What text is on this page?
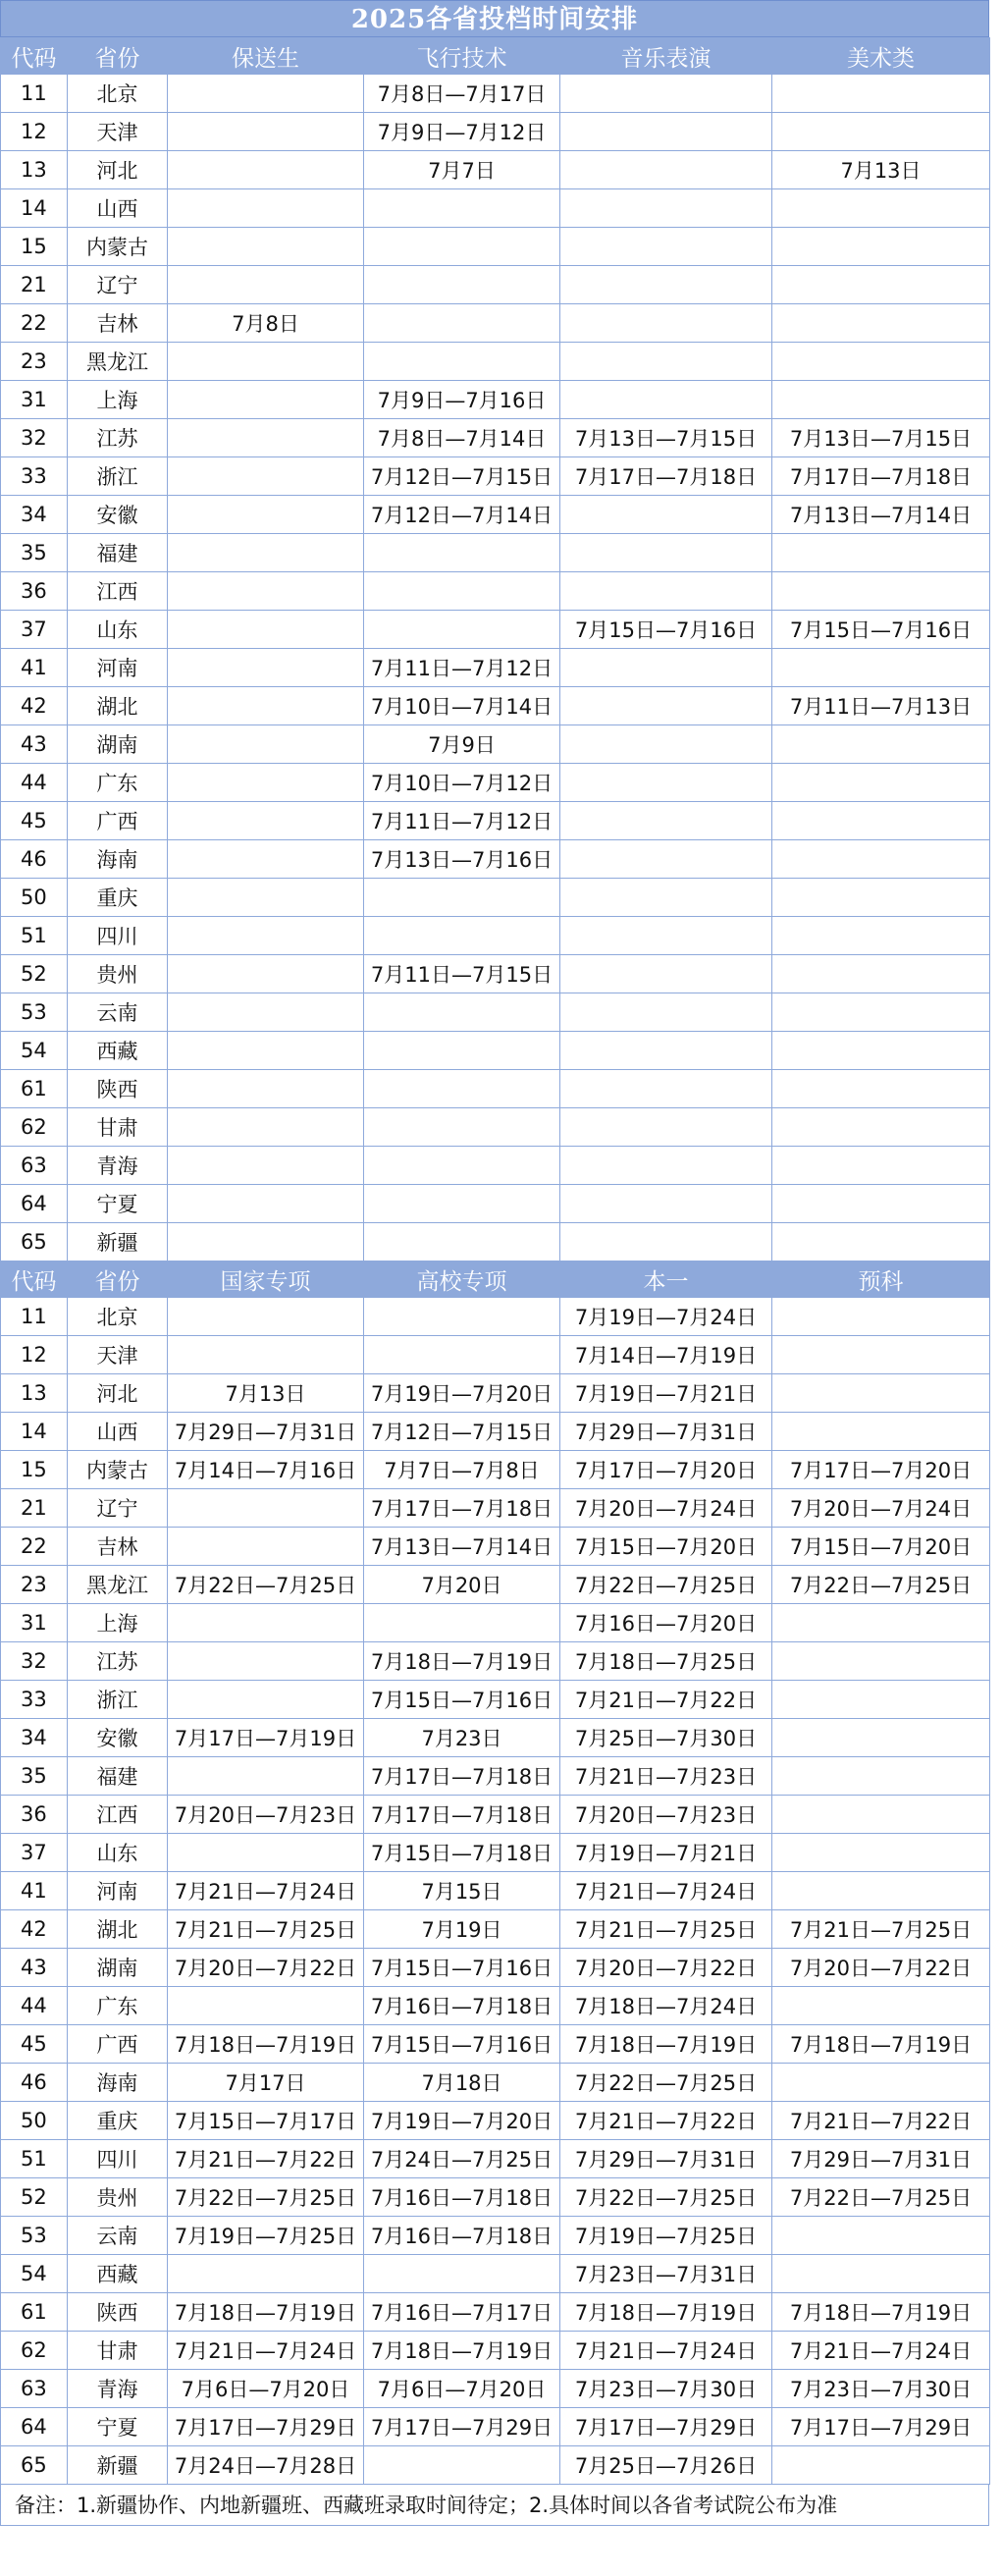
2025各省投档时间安排
代码	省份	保送生	飞行技术	音乐表演	美术类
11	北京		7月8日—7月17日		
12	天津		7月9日—7月12日		
13	河北		7月7日		7月13日
14	山西				
15	内蒙古				
21	辽宁				
22	吉林	7月8日			
23	黑龙江				
31	上海		7月9日—7月16日		
32	江苏		7月8日—7月14日	7月13日—7月15日	7月13日—7月15日
33	浙江		7月12日—7月15日	7月17日—7月18日	7月17日—7月18日
34	安徽		7月12日—7月14日		7月13日—7月14日
35	福建				
36	江西				
37	山东			7月15日—7月16日	7月15日—7月16日
41	河南		7月11日—7月12日		
42	湖北		7月10日—7月14日		7月11日—7月13日
43	湖南		7月9日		
44	广东		7月10日—7月12日		
45	广西		7月11日—7月12日		
46	海南		7月13日—7月16日		
50	重庆				
51	四川				
52	贵州		7月11日—7月15日		
53	云南				
54	西藏				
61	陕西				
62	甘肃				
63	青海				
64	宁夏				
65	新疆				
代码	省份	国家专项	高校专项	本一	预科
11	北京			7月19日—7月24日	
12	天津			7月14日—7月19日	
13	河北	7月13日	7月19日—7月20日	7月19日—7月21日	
14	山西	7月29日—7月31日	7月12日—7月15日	7月29日—7月31日	
15	内蒙古	7月14日—7月16日	7月7日—7月8日	7月17日—7月20日	7月17日—7月20日
21	辽宁		7月17日—7月18日	7月20日—7月24日	7月20日—7月24日
22	吉林		7月13日—7月14日	7月15日—7月20日	7月15日—7月20日
23	黑龙江	7月22日—7月25日	7月20日	7月22日—7月25日	7月22日—7月25日
31	上海			7月16日—7月20日	
32	江苏		7月18日—7月19日	7月18日—7月25日	
33	浙江		7月15日—7月16日	7月21日—7月22日	
34	安徽	7月17日—7月19日	7月23日	7月25日—7月30日	
35	福建		7月17日—7月18日	7月21日—7月23日	
36	江西	7月20日—7月23日	7月17日—7月18日	7月20日—7月23日	
37	山东		7月15日—7月18日	7月19日—7月21日	
41	河南	7月21日—7月24日	7月15日	7月21日—7月24日	
42	湖北	7月21日—7月25日	7月19日	7月21日—7月25日	7月21日—7月25日
43	湖南	7月20日—7月22日	7月15日—7月16日	7月20日—7月22日	7月20日—7月22日
44	广东		7月16日—7月18日	7月18日—7月24日	
45	广西	7月18日—7月19日	7月15日—7月16日	7月18日—7月19日	7月18日—7月19日
46	海南	7月17日	7月18日	7月22日—7月25日	
50	重庆	7月15日—7月17日	7月19日—7月20日	7月21日—7月22日	7月21日—7月22日
51	四川	7月21日—7月22日	7月24日—7月25日	7月29日—7月31日	7月29日—7月31日
52	贵州	7月22日—7月25日	7月16日—7月18日	7月22日—7月25日	7月22日—7月25日
53	云南	7月19日—7月25日	7月16日—7月18日	7月19日—7月25日	
54	西藏			7月23日—7月31日	
61	陕西	7月18日—7月19日	7月16日—7月17日	7月18日—7月19日	7月18日—7月19日
62	甘肃	7月21日—7月24日	7月18日—7月19日	7月21日—7月24日	7月21日—7月24日
63	青海	7月6日—7月20日	7月6日—7月20日	7月23日—7月30日	7月23日—7月30日
64	宁夏	7月17日—7月29日	7月17日—7月29日	7月17日—7月29日	7月17日—7月29日
65	新疆	7月24日—7月28日		7月25日—7月26日	
备注：1.新疆协作、内地新疆班、西藏班录取时间待定；2.具体时间以各省考试院公布为准
